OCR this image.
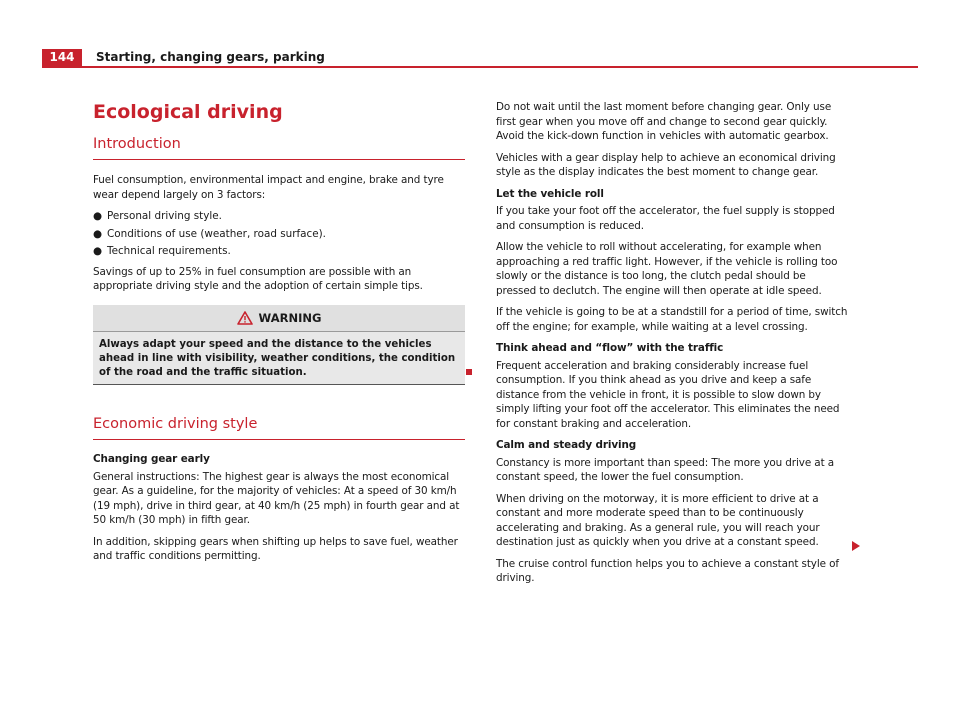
144	Starting, changing gears, parking
Ecological driving
Introduction

Fuel consumption, environmental impact and engine, brake and tyre wear depend largely on 3 factors:

● Personal driving style.
● Conditions of use (weather, road surface).
● Technical requirements.

Savings of up to 25% in fuel consumption are possible with an appropriate driving style and the adoption of certain simple tips.

WARNING
Always adapt your speed and the distance to the vehicles ahead in line with visibility, weather conditions, the condition of the road and the traffic situation.
Economic driving style

Changing gear early

General instructions: The highest gear is always the most economical gear. As a guideline, for the majority of vehicles: At a speed of 30 km/h (19 mph), drive in third gear, at 40 km/h (25 mph) in fourth gear and at 50 km/h (30 mph) in fifth gear.

In addition, skipping gears when shifting up helps to save fuel, weather and traffic conditions permitting.

Do not wait until the last moment before changing gear. Only use first gear when you move off and change to second gear quickly. Avoid the kick-down function in vehicles with automatic gearbox.

Vehicles with a gear display help to achieve an economical driving style as the display indicates the best moment to change gear.

Let the vehicle roll

If you take your foot off the accelerator, the fuel supply is stopped and consumption is reduced.

Allow the vehicle to roll without accelerating, for example when approaching a red traffic light. However, if the vehicle is rolling too slowly or the distance is too long, the clutch pedal should be pressed to declutch. The engine will then operate at idle speed.

If the vehicle is going to be at a standstill for a period of time, switch off the engine; for example, while waiting at a level crossing.

Think ahead and “flow” with the traffic

Frequent acceleration and braking considerably increase fuel consumption. If you think ahead as you drive and keep a safe distance from the vehicle in front, it is possible to slow down by simply lifting your foot off the accelerator. This eliminates the need for constant braking and acceleration.

Calm and steady driving

Constancy is more important than speed: The more you drive at a constant speed, the lower the fuel consumption.

When driving on the motorway, it is more efficient to drive at a constant and more moderate speed than to be continuously accelerating and braking. As a general rule, you will reach your destination just as quickly when you drive at a constant speed.

The cruise control function helps you to achieve a constant style of driving.
